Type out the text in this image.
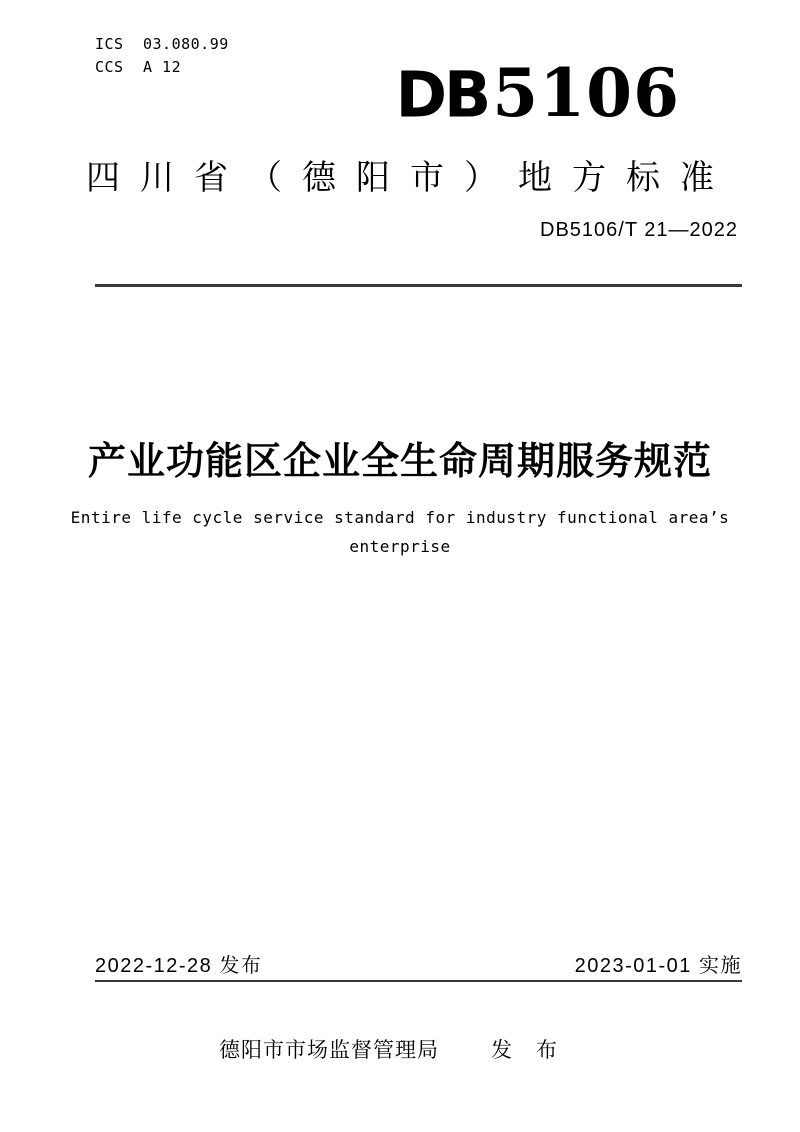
ICS	03.080.99
CCS	A 12	DB 5106
四川省（德阳市）地方标准
DB5106/T 21—2022
产业功能区企业全生命周期服务规范
Entire life cycle service standard for industry functional area’s
enterprise
2022-12-28 发布	2023-01-01 实施
德阳市市场监督管理局 发布
